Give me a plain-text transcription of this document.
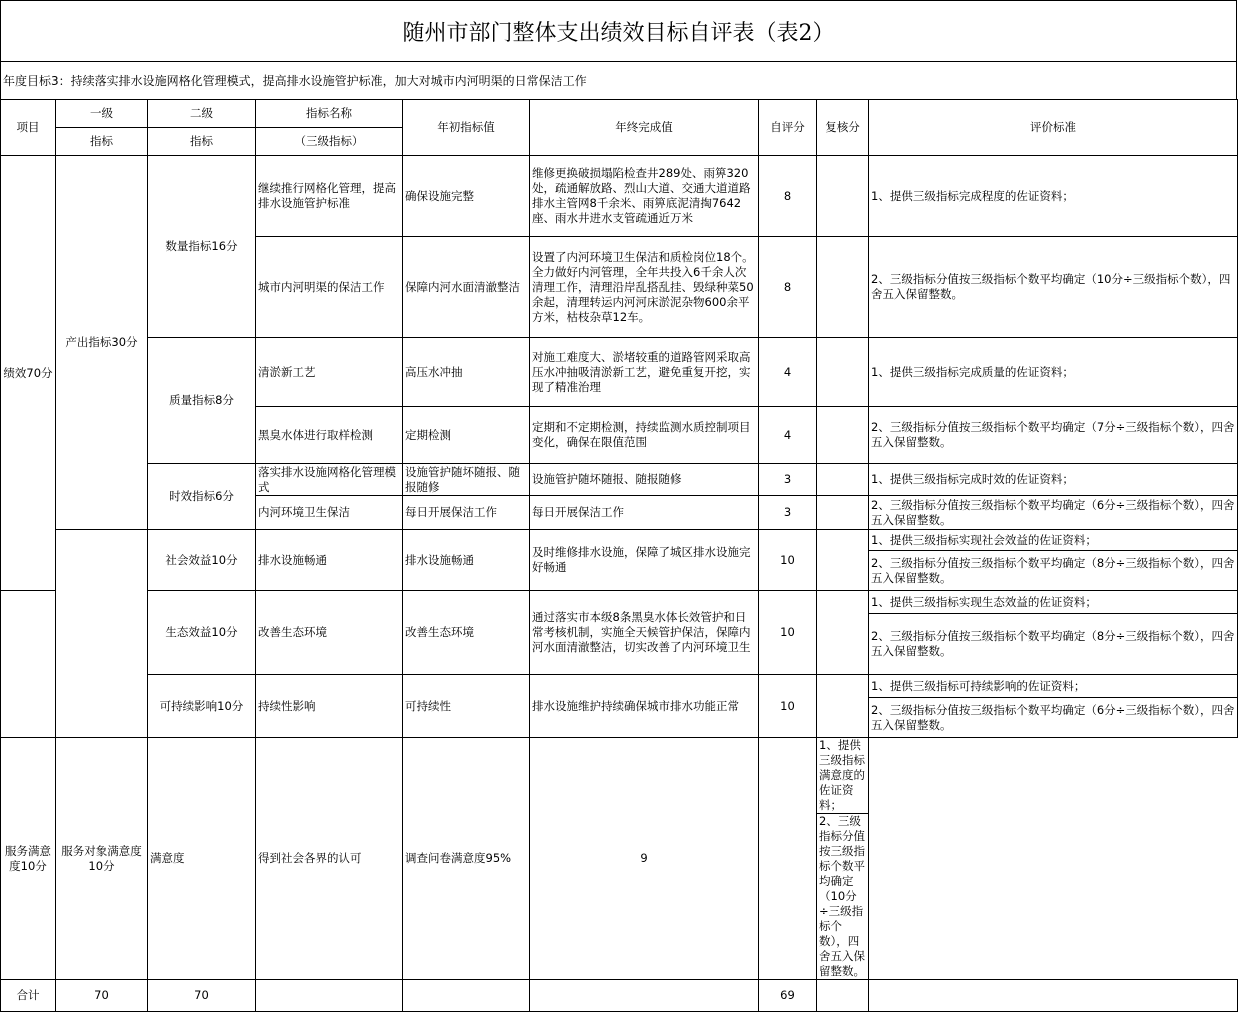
随州市部门整体支出绩效目标自评表（表2）
年度目标3：持续落实排水设施网格化管理模式，提高排水设施管护标准，加大对城市内河明渠的日常保洁工作
项目	一级	二级	指标名称	年初指标值	年终完成值	自评分	复核分	评价标准
	指标	指标	（三级指标）					
绩效70分	产出指标30分	数量指标16分	继续推行网格化管理，提高排水设施管护标准	确保设施完整	维修更换破损塌陷检查井289处、雨箅320处，疏通解放路、烈山大道、交通大道道路排水主管网8千余米、雨箅底泥清掏7642座、雨水井进水支管疏通近万米	8		1、提供三级指标完成程度的佐证资料；
			城市内河明渠的保洁工作	保障内河水面清澈整洁	设置了内河环境卫生保洁和质检岗位18个。全力做好内河管理，全年共投入6千余人次清理工作，清理沿岸乱搭乱挂、毁绿种菜50余起，清理转运内河河床淤泥杂物600余平方米，枯枝杂草12车。	8		2、三级指标分值按三级指标个数平均确定（10分÷三级指标个数），四舍五入保留整数。
		质量指标8分	清淤新工艺	高压水冲抽	对施工难度大、淤堵较重的道路管网采取高压水冲抽吸清淤新工艺，避免重复开挖，实现了精准治理	4		1、提供三级指标完成质量的佐证资料；
			黑臭水体进行取样检测	定期检测	定期和不定期检测，持续监测水质控制项目变化，确保在限值范围	4		2、三级指标分值按三级指标个数平均确定（7分÷三级指标个数），四舍五入保留整数。
		时效指标6分	落实排水设施网格化管理模式	设施管护随坏随报、随报随修	设施管护随坏随报、随报随修	3		1、提供三级指标完成时效的佐证资料；
			内河环境卫生保洁	每日开展保洁工作	每日开展保洁工作	3		2、三级指标分值按三级指标个数平均确定（6分÷三级指标个数），四舍五入保留整数。
		社会效益10分	排水设施畅通	排水设施畅通	及时维修排水设施，保障了城区排水设施完好畅通	10		1、提供三级指标实现社会效益的佐证资料；
								2、三级指标分值按三级指标个数平均确定（8分÷三级指标个数），四舍五入保留整数。
		生态效益10分	改善生态环境	改善生态环境	通过落实市本级8条黑臭水体长效管护和日常考核机制，实施全天候管护保洁，保障内河水面清澈整洁，切实改善了内河环境卫生	10		1、提供三级指标实现生态效益的佐证资料；
								2、三级指标分值按三级指标个数平均确定（8分÷三级指标个数），四舍五入保留整数。
		可持续影响10分	持续性影响	可持续性	排水设施维护持续确保城市排水功能正常	10		1、提供三级指标可持续影响的佐证资料；
								2、三级指标分值按三级指标个数平均确定（6分÷三级指标个数），四舍五入保留整数。
服务满意度10分	服务对象满意度10分	满意度	得到社会各界的认可	调查问卷满意度95%	9		1、提供三级指标满意度的佐证资料；	
							2、三级指标分值按三级指标个数平均确定（10分÷三级指标个数），四舍五入保留整数。	
合计	70	70				69		
